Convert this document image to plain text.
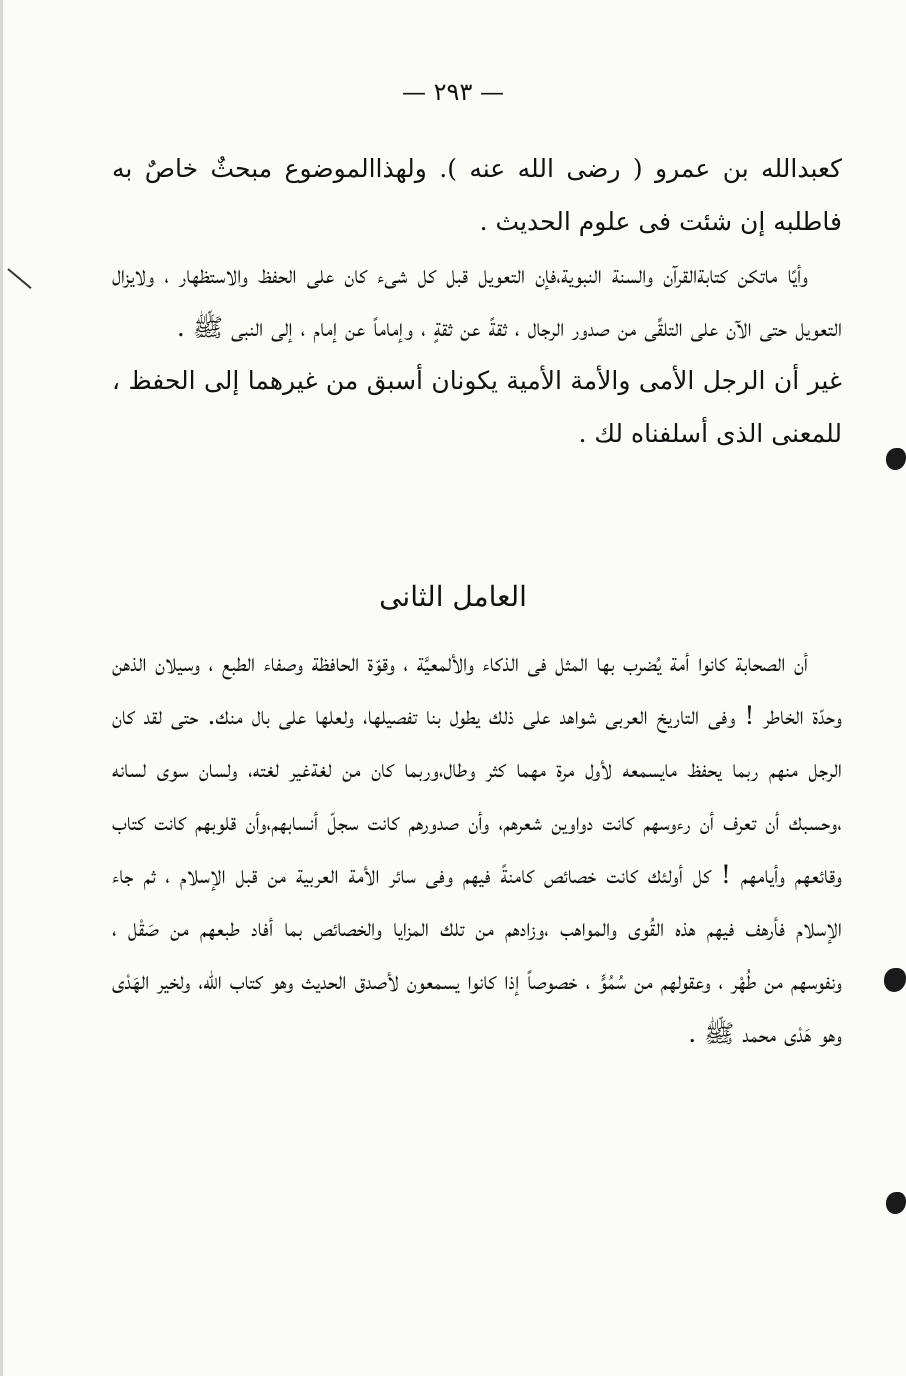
— ٢٩٣ —

كعبدالله بن عمرو ( رضى الله عنه ). ولهذاالموضوع مبحثٌ خاصٌ به فاطلبه إن شئت فى علوم الحديث .

وأيًا ماتكن كتابةالقرآن والسنة النبوية،فإن التعويل قبل كل شىء كان على الحفظ والاستظهار ، ولايزال التعويل حتى الآن على التلقِّى من صدور الرجال ، ثقةً عن ثقةٍ ، وإماماً عن إمام ، إلى النبى ﷺ .

غير أن الرجل الأمى والأمة الأمية يكونان أسبق من غيرهما إلى الحفظ ، للمعنى الذى أسلفناه لك .

العامل الثانى

أن الصحابة كانوا أمة يُضرب بها المثل فى الذكاء والألمعيَّة ، وقوّة الحافظة وصفاء الطبع ، وسيلان الذهن وحدّة الخاطر ! وفى التاريخ العربى شواهد على ذلك يطول بنا تفصيلها، ولعلها على بال منك. حتى لقد كان الرجل منهم ربما يحفظ مايسمعه لأول مرة مهما كثر وطال،وربما كان من لغةغير لغته، ولسان سوى لسانه ،وحسبك أن تعرف أن رءوسهم كانت دواوين شعرهم، وأن صدورهم كانت سجلّ أنسابهم،وأن قلوبهم كانت كتاب وقائعهم وأيامهم ! كل أولئك كانت خصائص كامنةً فيهم وفى سائر الأمة العربية من قبل الإسلام ، ثم جاء الإسلام فأرهف فيهم هذه القُوى والمواهب ،وزادهم من تلك المزايا والخصائص بما أفاد طبعهم من صَقْل ، ونفوسهم من طُهْر ، وعقولهم من سُمُوٍّ ، خصوصاً إذا كانوا يسمعون لأصدق الحديث وهو كتاب الله، ولخير الهَدْى وهو هَدْى محمد ﷺ .
